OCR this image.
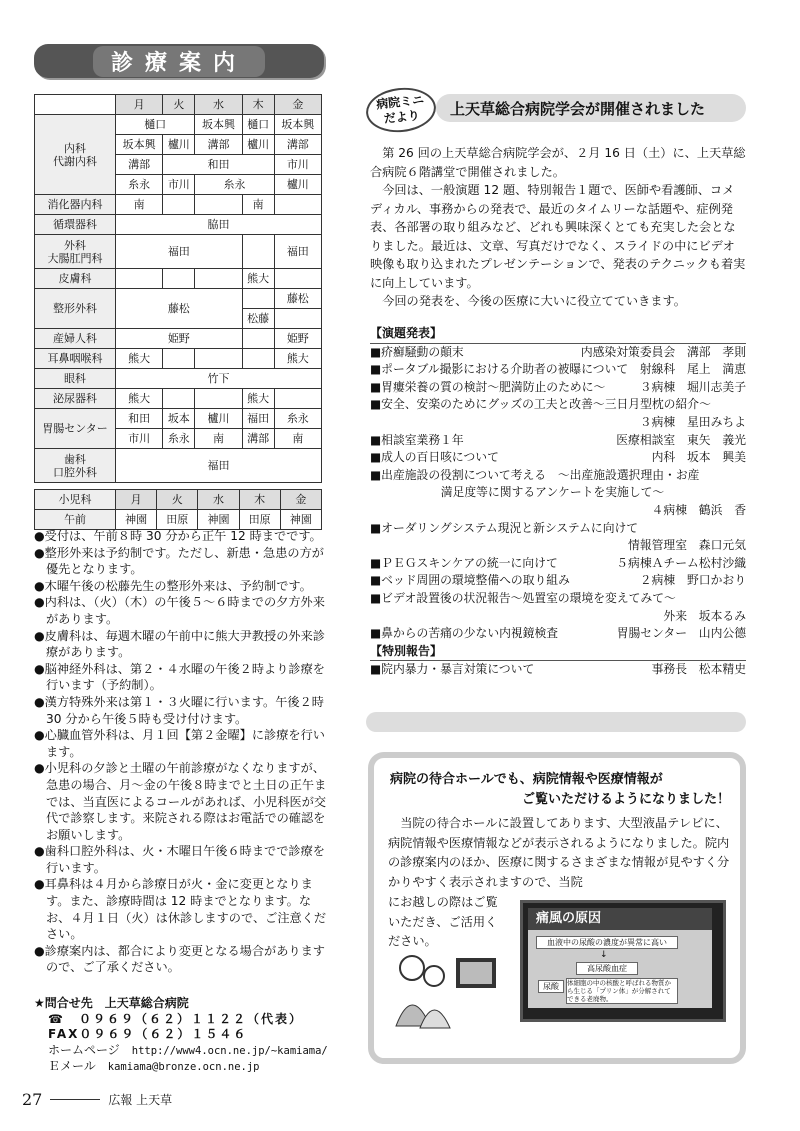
診療案内
	月	火	水	木	金
内科
代謝内科	樋口		坂本興	樋口	坂本興
	坂本興	櫨川	溝部	櫨川	溝部
	溝部	和田			市川
	糸永	市川	糸永		櫨川
消化器内科	南			南	
循環器科	脇田				
外科
大腸肛門科	福田				福田
皮膚科				熊大	
整形外科	藤松				藤松
				松藤	
産婦人科	姫野				姫野
耳鼻咽喉科	熊大				熊大
眼科	竹下				
泌尿器科	熊大			熊大	
胃腸センター	和田	坂本	櫨川	福田	糸永
	市川	糸永	南	溝部	南
歯科
口腔外科	福田				
小児科	月	火	水	木	金
午前	神園	田原	神園	田原	神園

●受付は、午前８時 30 分から正午 12 時までです。

●整形外来は予約制です。ただし、新患・急患の方が優先となります。

●木曜午後の松藤先生の整形外来は、予約制です。

●内科は、（火）（木）の午後５～６時までの夕方外来があります。

●皮膚科は、毎週木曜の午前中に熊大尹教授の外来診療があります。

●脳神経外科は、第２・４水曜の午後２時より診療を行います（予約制）。

●漢方特殊外来は第１・３火曜に行います。午後２時 30 分から午後５時も受け付けます。

●心臓血管外科は、月１回【第２金曜】に診療を行います。

●小児科の夕診と土曜の午前診療がなくなりますが、急患の場合、月～金の午後８時までと土日の正午までは、当直医によるコールがあれば、小児科医が交代で診察します。来院される際はお電話での確認をお願いします。

●歯科口腔外科は、火・木曜日午後６時までで診療を行います。

●耳鼻科は４月から診療日が火・金に変更となります。また、診療時間は 12 時までとなります。なお、４月１日（火）は休診しますので、ご注意ください。

●診療案内は、都合により変更となる場合がありますので、ご了承ください。

★問合せ先　上天草総合病院
☎　０９６９（６２）１１２２（代表）
FAX０９６９（６２）１５４６
ホームページ　 http://www4.ocn.ne.jp/~kamiama/
Ｅメール　 kamiama@bronze.ocn.ne.jp
27	広報 上天草
病院ミニ
だより	上天草総合病院学会が開催されました

第 26 回の上天草総合病院学会が、２月 16 日（土）に、上天草総合病院６階講堂で開催されました。

今回は、一般演題 12 題、特別報告１題で、医師や看護師、コメディカル、事務からの発表で、最近のタイムリーな話題や、症例発表、各部署の取り組みなど、どれも興味深くとても充実した会となりました。最近は、文章、写真だけでなく、スライドの中にビデオ映像も取り込まれたプレゼンテーションで、発表のテクニックも着実に向上しています。

今回の発表を、今後の医療に大いに役立てていきます。

【演題発表】
■疥癬騒動の顛末	内感染対策委員会　溝部　孝則
■ポータブル撮影における介助者の被曝について 射線科　尾上　満恵
■胃瘻栄養の質の検討～肥満防止のために～	３病棟　堀川志美子
■安全、安楽のためにグッズの工夫と改善～三日月型枕の紹介～
３病棟　星田みちよ
■相談室業務１年	医療相談室　東矢　義光
■成人の百日咳について	内科　坂本　興美
■出産施設の役割について考える　～出産施設選択理由・お産
　　　　　　満足度等に関するアンケートを実施して～
４病棟　鶴浜　香
■オーダリングシステム現況と新システムに向けて
情報管理室　森口元気
■ＰＥＧスキンケアの統一に向けて	５病棟Ａチーム松村沙織
■ベッド周囲の環境整備への取り組み	２病棟　野口かおり
■ビデオ設置後の状況報告～処置室の環境を変えてみて～
外来　坂本るみ
■鼻からの苦痛の少ない内視鏡検査	胃腸センター　山内公德
【特別報告】
■院内暴力・暴言対策について	事務長　松本精史
病院の待合ホールでも、病院情報や医療情報が
ご覧いただけるようになりました！

当院の待合ホールに設置してあります、大型液晶テレビに、病院情報や医療情報などが表示されるようになりました。院内の診療案内のほか、医療に関するさまざまな情報が見やすく分かりやすく表示されますので、当院

にお越しの際はご覧いただき、ご活用ください。
痛風の原因
血液中の尿酸の濃度が異常に高い
↓
高尿酸血症
尿酸	体細胞の中の核酸と呼ばれる物質から生じる「プリン体」が分解されてできる老廃物。
